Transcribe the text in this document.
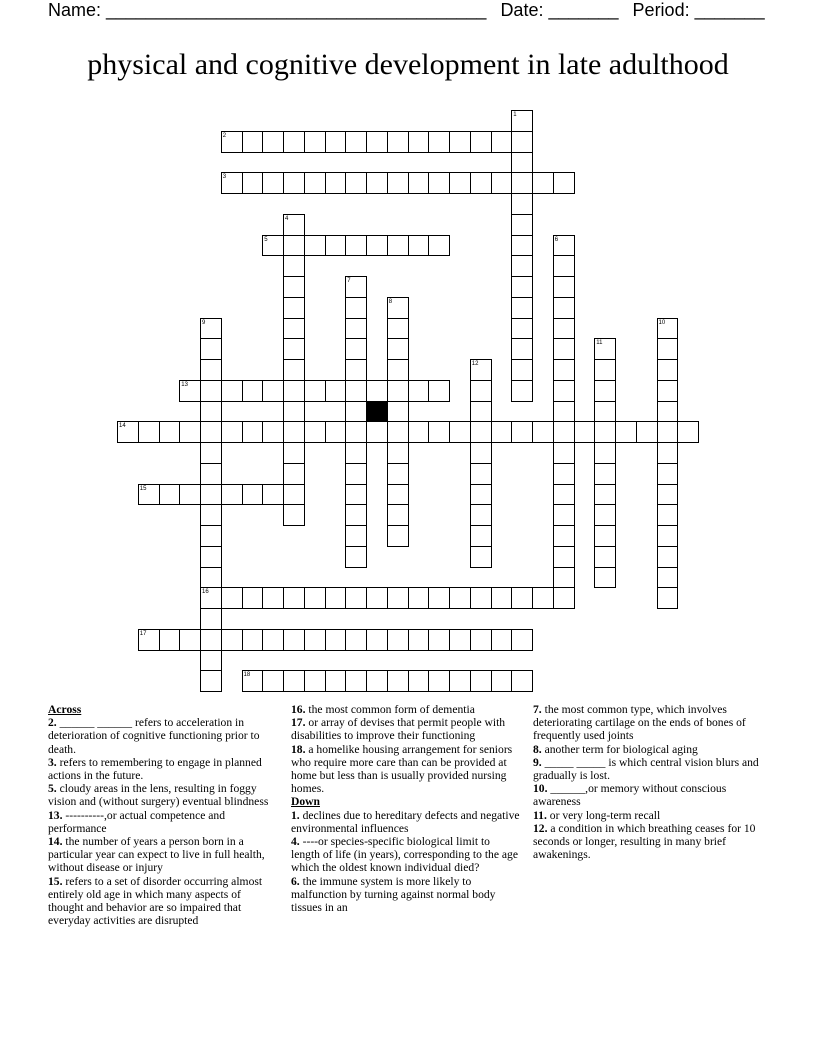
Name: ______________________________________ Date: _______ Period: _______
physical and cognitive development in late adulthood
1
2
3
4
5	6
7
8
9	10
11
12
13
14
15
16
17
18
Across
2. ______ ______ refers to acceleration in deterioration of cognitive functioning prior to death.
3. refers to remembering to engage in planned actions in the future.
5. cloudy areas in the lens, resulting in foggy vision and (without surgery) eventual blindness
13. ----------,or actual competence and performance
14. the number of years a person born in a particular year can expect to live in full health, without disease or injury
15. refers to a set of disorder occurring almost entirely old age in which many aspects of thought and behavior are so impaired that everyday activities are disrupted
16. the most common form of dementia
17. or array of devises that permit people with disabilities to improve their functioning
18. a homelike housing arrangement for seniors who require more care than can be provided at home but less than is usually provided nursing homes.
Down
1. declines due to hereditary defects and negative environmental influences
4. ----or species-specific biological limit to length of life (in years), corresponding to the age which the oldest known individual died?
6. the immune system is more likely to malfunction by turning against normal body tissues in an
7. the most common type, which involves deteriorating cartilage on the ends of bones of frequently used joints
8. another term for biological aging
9. _____ _____ is which central vision blurs and gradually is lost.
10. ______,or memory without conscious awareness
11. or very long-term recall
12. a condition in which breathing ceases for 10 seconds or longer, resulting in many brief awakenings.
